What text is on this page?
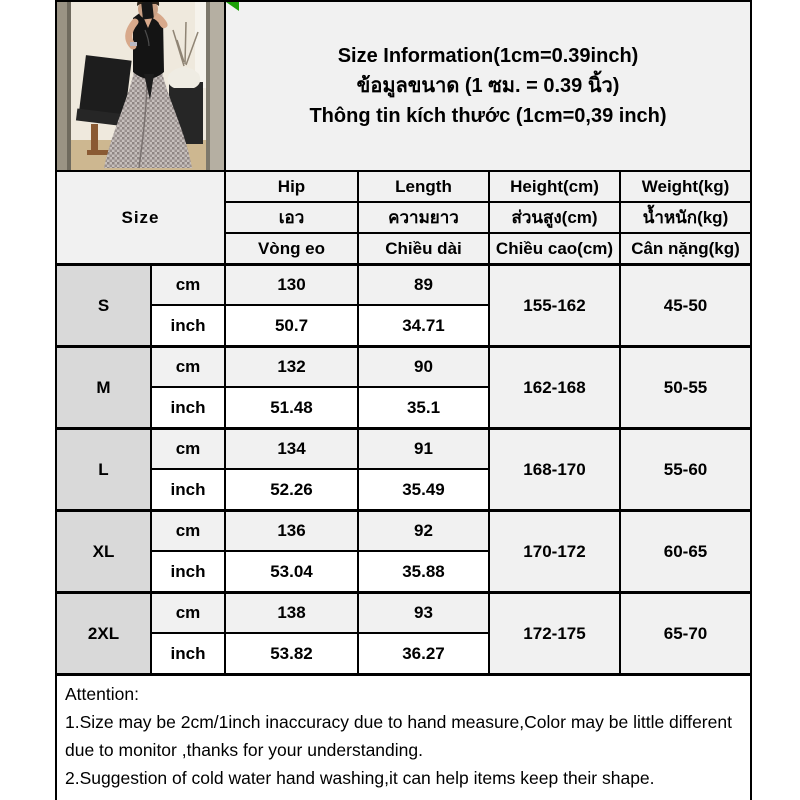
Size Information(1cm=0.39inch)
ข้อมูลขนาด (1 ซม. = 0.39 นิ้ว)
Thông tin kích thước (1cm=0,39 inch)			

Size		Hip	Length	Height(cm)	Weight(kg)
		เอว	ความยาว	ส่วนสูง(cm)	น้ำหนัก(kg)
		Vòng eo	Chiều dài	Chiều cao(cm)	Cân nặng(kg)
S	cm	130	89	155-162	45-50
	inch	50.7	34.71		
M	cm	132	90	162-168	50-55
	inch	51.48	35.1		
L	cm	134	91	168-170	55-60
	inch	52.26	35.49		
XL	cm	136	92	170-172	60-65
	inch	53.04	35.88		
2XL	cm	138	93	172-175	65-70
	inch	53.82	36.27		

Attention:
1.Size may be 2cm/1inch inaccuracy due to hand measure,Color may be little different due to monitor ,thanks for your understanding.
2.Suggestion of cold water hand washing,it can help items keep their shape.					
